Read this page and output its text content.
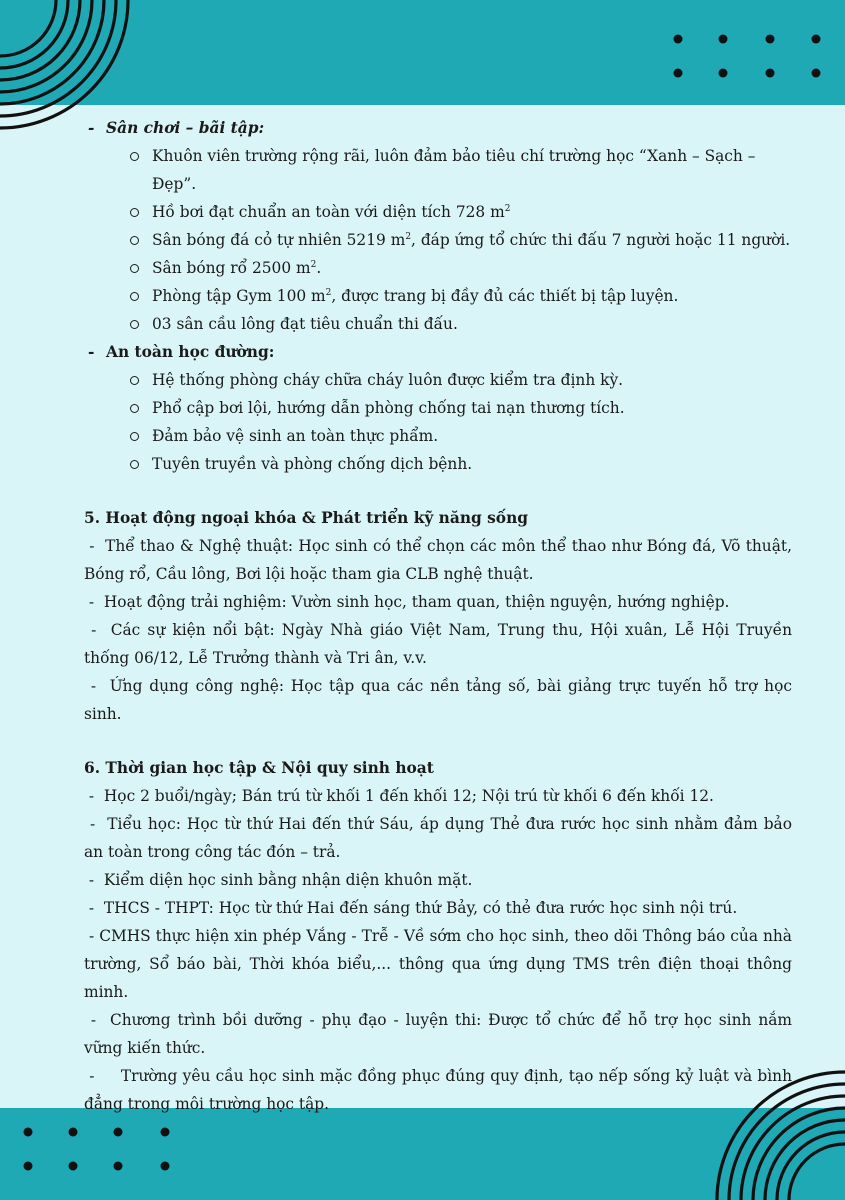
- Sân chơi – bãi tập:

Khuôn viên trường rộng rãi, luôn đảm bảo tiêu chí trường học “Xanh – Sạch – Đẹp”.
Hồ bơi đạt chuẩn an toàn với diện tích 728 $m^2$
Sân bóng đá cỏ tự nhiên 5219 $m^2$, đáp ứng tổ chức thi đấu 7 người hoặc 11 người.
Sân bóng rổ 2500 $m^2$.
Phòng tập Gym 100 $m^2$, được trang bị đầy đủ các thiết bị tập luyện.
03 sân cầu lông đạt tiêu chuẩn thi đấu.

- An toàn học đường:

Hệ thống phòng cháy chữa cháy luôn được kiểm tra định kỳ.
Phổ cập bơi lội, hướng dẫn phòng chống tai nạn thương tích.
Đảm bảo vệ sinh an toàn thực phẩm.
Tuyên truyền và phòng chống dịch bệnh.

5. Hoạt động ngoại khóa & Phát triển kỹ năng sống

-  Thể thao & Nghệ thuật: Học sinh có thể chọn các môn thể thao như Bóng đá, Võ thuật, Bóng rổ, Cầu lông, Bơi lội hoặc tham gia CLB nghệ thuật.

-  Hoạt động trải nghiệm: Vườn sinh học, tham quan, thiện nguyện, hướng nghiệp.

-  Các sự kiện nổi bật: Ngày Nhà giáo Việt Nam, Trung thu, Hội xuân, Lễ Hội Truyền thống 06/12, Lễ Trưởng thành và Tri ân, v.v.

-  Ứng dụng công nghệ: Học tập qua các nền tảng số, bài giảng trực tuyến hỗ trợ học sinh.

6. Thời gian học tập & Nội quy sinh hoạt

-  Học 2 buổi/ngày; Bán trú từ khối 1 đến khối 12; Nội trú từ khối 6 đến khối 12.

-  Tiểu học: Học từ thứ Hai đến thứ Sáu, áp dụng Thẻ đưa rước học sinh nhằm đảm bảo an toàn trong công tác đón – trả.

-  Kiểm diện học sinh bằng nhận diện khuôn mặt.

-  THCS - THPT: Học từ thứ Hai đến sáng thứ Bảy, có thẻ đưa rước học sinh nội trú.

- CMHS thực hiện xin phép Vắng - Trễ - Về sớm cho học sinh, theo dõi Thông báo của nhà trường, Sổ báo bài, Thời khóa biểu,... thông qua ứng dụng TMS trên điện thoại thông minh.

-  Chương trình bồi dưỡng - phụ đạo - luyện thi: Được tổ chức để hỗ trợ học sinh nắm vững kiến thức.

-     Trường yêu cầu học sinh mặc đồng phục đúng quy định, tạo nếp sống kỷ luật và bình đẳng trong môi trường học tập.
